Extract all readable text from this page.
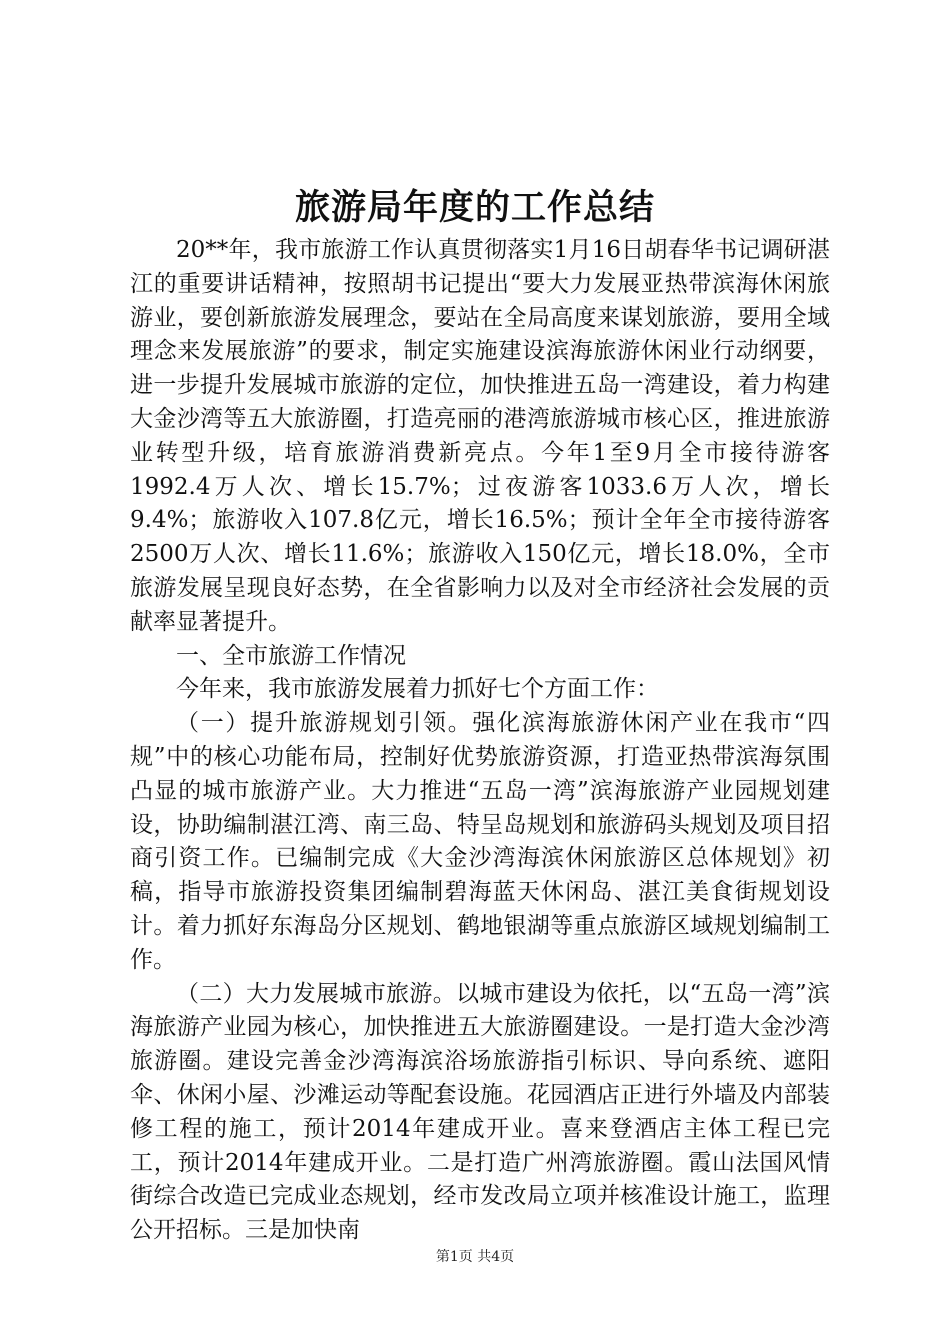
旅游局年度的工作总结

20**年，我市旅游工作认真贯彻落实1月16日胡春华书记调研湛江的重要讲话精神，按照胡书记提出“要大力发展亚热带滨海休闲旅游业，要创新旅游发展理念，要站在全局高度来谋划旅游，要用全域理念来发展旅游”的要求，制定实施建设滨海旅游休闲业行动纲要，进一步提升发展城市旅游的定位，加快推进五岛一湾建设，着力构建大金沙湾等五大旅游圈，打造亮丽的港湾旅游城市核心区，推进旅游业转型升级，培育旅游消费新亮点。今年1至9月全市接待游客1992.4万人次、增长15.7%；过夜游客1033.6万人次，增长9.4%；旅游收入107.8亿元，增长16.5%；预计全年全市接待游客2500万人次、增长11.6%；旅游收入150亿元，增长18.0%，全市旅游发展呈现良好态势，在全省影响力以及对全市经济社会发展的贡献率显著提升。

一、全市旅游工作情况

今年来，我市旅游发展着力抓好七个方面工作：

（一）提升旅游规划引领。强化滨海旅游休闲产业在我市“四规”中的核心功能布局，控制好优势旅游资源，打造亚热带滨海氛围凸显的城市旅游产业。大力推进“五岛一湾”滨海旅游产业园规划建设，协助编制湛江湾、南三岛、特呈岛规划和旅游码头规划及项目招商引资工作。已编制完成《大金沙湾海滨休闲旅游区总体规划》初稿，指导市旅游投资集团编制碧海蓝天休闲岛、湛江美食街规划设计。着力抓好东海岛分区规划、鹤地银湖等重点旅游区域规划编制工作。

（二）大力发展城市旅游。以城市建设为依托，以“五岛一湾”滨海旅游产业园为核心，加快推进五大旅游圈建设。一是打造大金沙湾旅游圈。建设完善金沙湾海滨浴场旅游指引标识、导向系统、遮阳伞、休闲小屋、沙滩运动等配套设施。花园酒店正进行外墙及内部装修工程的施工，预计2014年建成开业。喜来登酒店主体工程已完工，预计2014年建成开业。二是打造广州湾旅游圈。霞山法国风情街综合改造已完成业态规划，经市发改局立项并核准设计施工，监理公开招标。三是加快南

第1页 共4页
